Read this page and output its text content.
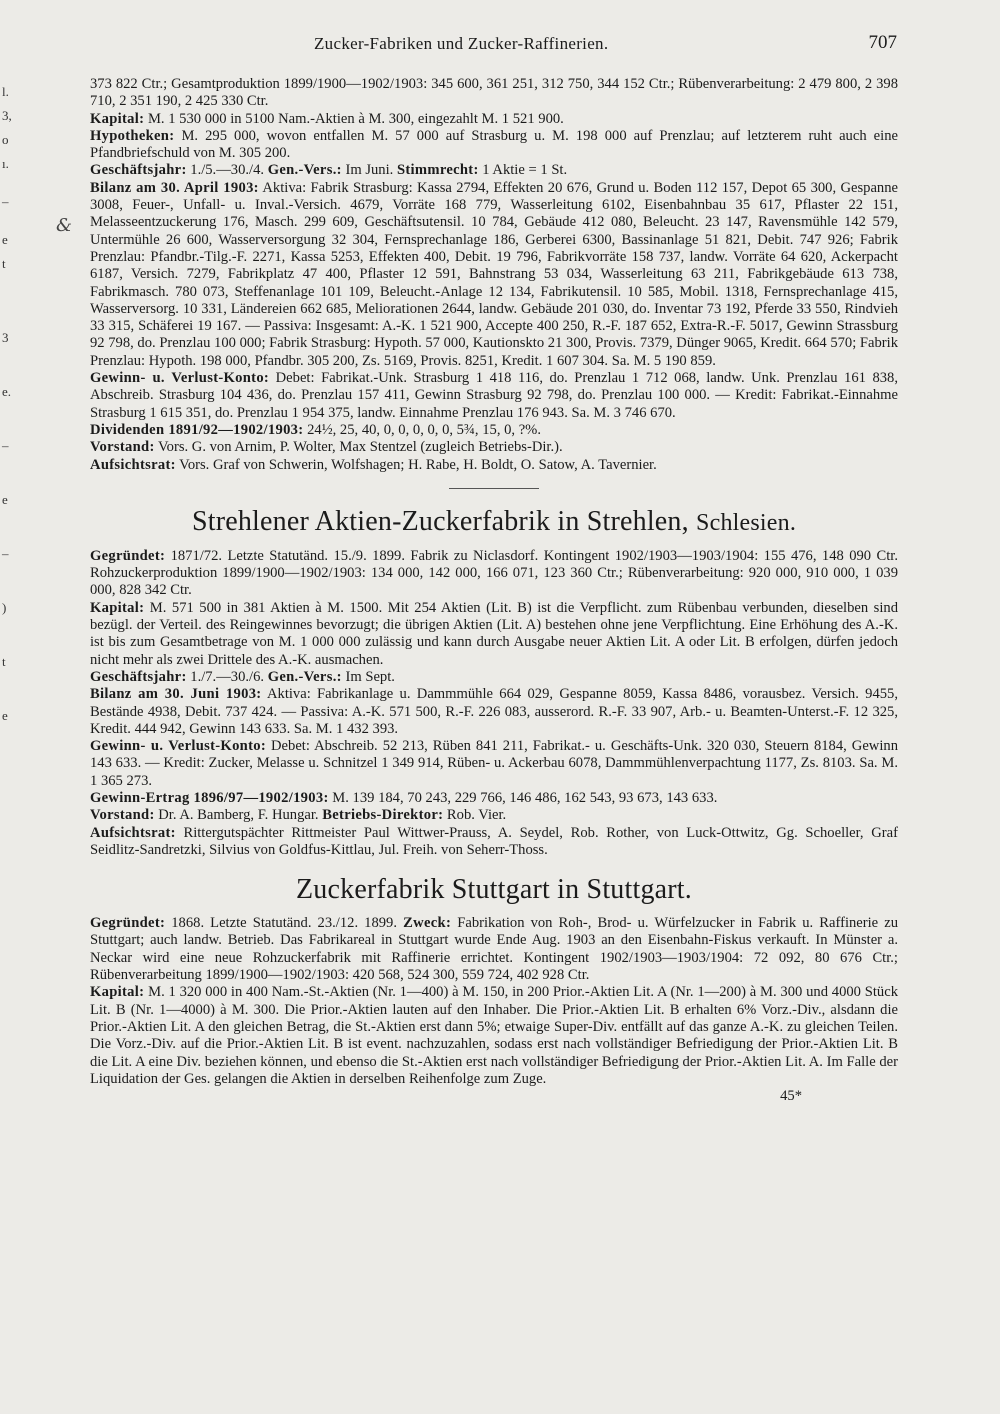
l.
3,
o
ı.
–
e
t
3
e.
–
e
–
)
t
e
&
Zucker-Fabriken und Zucker-Raffinerien.	707

373 822 Ctr.; Gesamtproduktion 1899/1900—1902/1903: 345 600, 361 251, 312 750, 344 152 Ctr.; Rübenverarbeitung: 2 479 800, 2 398 710, 2 351 190, 2 425 330 Ctr.

Kapital: M. 1 530 000 in 5100 Nam.-Aktien à M. 300, eingezahlt M. 1 521 900.

Hypotheken: M. 295 000, wovon entfallen M. 57 000 auf Strasburg u. M. 198 000 auf Prenzlau; auf letzterem ruht auch eine Pfandbriefschuld von M. 305 200.

Geschäftsjahr: 1./5.—30./4. Gen.-Vers.: Im Juni. Stimmrecht: 1 Aktie = 1 St.

Bilanz am 30. April 1903: Aktiva: Fabrik Strasburg: Kassa 2794, Effekten 20 676, Grund u. Boden 112 157, Depot 65 300, Gespanne 3008, Feuer-, Unfall- u. Inval.-Versich. 4679, Vorräte 168 779, Wasserleitung 6102, Eisenbahnbau 35 617, Pflaster 22 151, Melasseentzuckerung 176, Masch. 299 609, Geschäftsutensil. 10 784, Gebäude 412 080, Beleucht. 23 147, Ravensmühle 142 579, Untermühle 26 600, Wasserversorgung 32 304, Fernsprechanlage 186, Gerberei 6300, Bassinanlage 51 821, Debit. 747 926; Fabrik Prenzlau: Pfandbr.-Tilg.-F. 2271, Kassa 5253, Effekten 400, Debit. 19 796, Fabrikvorräte 158 737, landw. Vorräte 64 620, Ackerpacht 6187, Versich. 7279, Fabrikplatz 47 400, Pflaster 12 591, Bahnstrang 53 034, Wasserleitung 63 211, Fabrikgebäude 613 738, Fabrikmasch. 780 073, Steffenanlage 101 109, Beleucht.-Anlage 12 134, Fabrikutensil. 10 585, Mobil. 1318, Fernsprechanlage 415, Wasserversorg. 10 331, Ländereien 662 685, Meliorationen 2644, landw. Gebäude 201 030, do. Inventar 73 192, Pferde 33 550, Rindvieh 33 315, Schäferei 19 167. — Passiva: Insgesamt: A.-K. 1 521 900, Accepte 400 250, R.-F. 187 652, Extra-R.-F. 5017, Gewinn Strassburg 92 798, do. Prenzlau 100 000; Fabrik Strasburg: Hypoth. 57 000, Kautionskto 21 300, Provis. 7379, Dünger 9065, Kredit. 664 570; Fabrik Prenzlau: Hypoth. 198 000, Pfandbr. 305 200, Zs. 5169, Provis. 8251, Kredit. 1 607 304. Sa. M. 5 190 859.

Gewinn- u. Verlust-Konto: Debet: Fabrikat.-Unk. Strasburg 1 418 116, do. Prenzlau 1 712 068, landw. Unk. Prenzlau 161 838, Abschreib. Strasburg 104 436, do. Prenzlau 157 411, Gewinn Strasburg 92 798, do. Prenzlau 100 000. — Kredit: Fabrikat.-Einnahme Strasburg 1 615 351, do. Prenzlau 1 954 375, landw. Einnahme Prenzlau 176 943. Sa. M. 3 746 670.

Dividenden 1891/92—1902/1903: 24½, 25, 40, 0, 0, 0, 0, 0, 5¾, 15, 0, ?%.

Vorstand: Vors. G. von Arnim, P. Wolter, Max Stentzel (zugleich Betriebs-Dir.).

Aufsichtsrat: Vors. Graf von Schwerin, Wolfshagen; H. Rabe, H. Boldt, O. Satow, A. Tavernier.

Strehlener Aktien-Zuckerfabrik in Strehlen, Schlesien.

Gegründet: 1871/72. Letzte Statutänd. 15./9. 1899. Fabrik zu Niclasdorf. Kontingent 1902/1903—1903/1904: 155 476, 148 090 Ctr. Rohzuckerproduktion 1899/1900—1902/1903: 134 000, 142 000, 166 071, 123 360 Ctr.; Rübenverarbeitung: 920 000, 910 000, 1 039 000, 828 342 Ctr.

Kapital: M. 571 500 in 381 Aktien à M. 1500. Mit 254 Aktien (Lit. B) ist die Verpflicht. zum Rübenbau verbunden, dieselben sind bezügl. der Verteil. des Reingewinnes bevorzugt; die übrigen Aktien (Lit. A) bestehen ohne jene Verpflichtung. Eine Erhöhung des A.-K. ist bis zum Gesamtbetrage von M. 1 000 000 zulässig und kann durch Ausgabe neuer Aktien Lit. A oder Lit. B erfolgen, dürfen jedoch nicht mehr als zwei Drittele des A.-K. ausmachen.

Geschäftsjahr: 1./7.—30./6. Gen.-Vers.: Im Sept.

Bilanz am 30. Juni 1903: Aktiva: Fabrikanlage u. Dammmühle 664 029, Gespanne 8059, Kassa 8486, vorausbez. Versich. 9455, Bestände 4938, Debit. 737 424. — Passiva: A.-K. 571 500, R.-F. 226 083, ausserord. R.-F. 33 907, Arb.- u. Beamten-Unterst.-F. 12 325, Kredit. 444 942, Gewinn 143 633. Sa. M. 1 432 393.

Gewinn- u. Verlust-Konto: Debet: Abschreib. 52 213, Rüben 841 211, Fabrikat.- u. Geschäfts-Unk. 320 030, Steuern 8184, Gewinn 143 633. — Kredit: Zucker, Melasse u. Schnitzel 1 349 914, Rüben- u. Ackerbau 6078, Dammmühlenverpachtung 1177, Zs. 8103. Sa. M. 1 365 273.

Gewinn-Ertrag 1896/97—1902/1903: M. 139 184, 70 243, 229 766, 146 486, 162 543, 93 673, 143 633.

Vorstand: Dr. A. Bamberg, F. Hungar. Betriebs-Direktor: Rob. Vier.

Aufsichtsrat: Rittergutspächter Rittmeister Paul Wittwer-Prauss, A. Seydel, Rob. Rother, von Luck-Ottwitz, Gg. Schoeller, Graf Seidlitz-Sandretzki, Silvius von Goldfus-Kittlau, Jul. Freih. von Seherr-Thoss.

Zuckerfabrik Stuttgart in Stuttgart.

Gegründet: 1868. Letzte Statutänd. 23./12. 1899. Zweck: Fabrikation von Roh-, Brod- u. Würfelzucker in Fabrik u. Raffinerie zu Stuttgart; auch landw. Betrieb. Das Fabrikareal in Stuttgart wurde Ende Aug. 1903 an den Eisenbahn-Fiskus verkauft. In Münster a. Neckar wird eine neue Rohzuckerfabrik mit Raffinerie errichtet. Kontingent 1902/1903—1903/1904: 72 092, 80 676 Ctr.; Rübenverarbeitung 1899/1900—1902/1903: 420 568, 524 300, 559 724, 402 928 Ctr.

Kapital: M. 1 320 000 in 400 Nam.-St.-Aktien (Nr. 1—400) à M. 150, in 200 Prior.-Aktien Lit. A (Nr. 1—200) à M. 300 und 4000 Stück Lit. B (Nr. 1—4000) à M. 300. Die Prior.-Aktien lauten auf den Inhaber. Die Prior.-Aktien Lit. B erhalten 6% Vorz.-Div., alsdann die Prior.-Aktien Lit. A den gleichen Betrag, die St.-Aktien erst dann 5%; etwaige Super-Div. entfällt auf das ganze A.-K. zu gleichen Teilen. Die Vorz.-Div. auf die Prior.-Aktien Lit. B ist event. nachzuzahlen, sodass erst nach vollständiger Befriedigung der Prior.-Aktien Lit. B die Lit. A eine Div. beziehen können, und ebenso die St.-Aktien erst nach vollständiger Befriedigung der Prior.-Aktien Lit. A. Im Falle der Liquidation der Ges. gelangen die Aktien in derselben Reihenfolge zum Zuge.

45*
